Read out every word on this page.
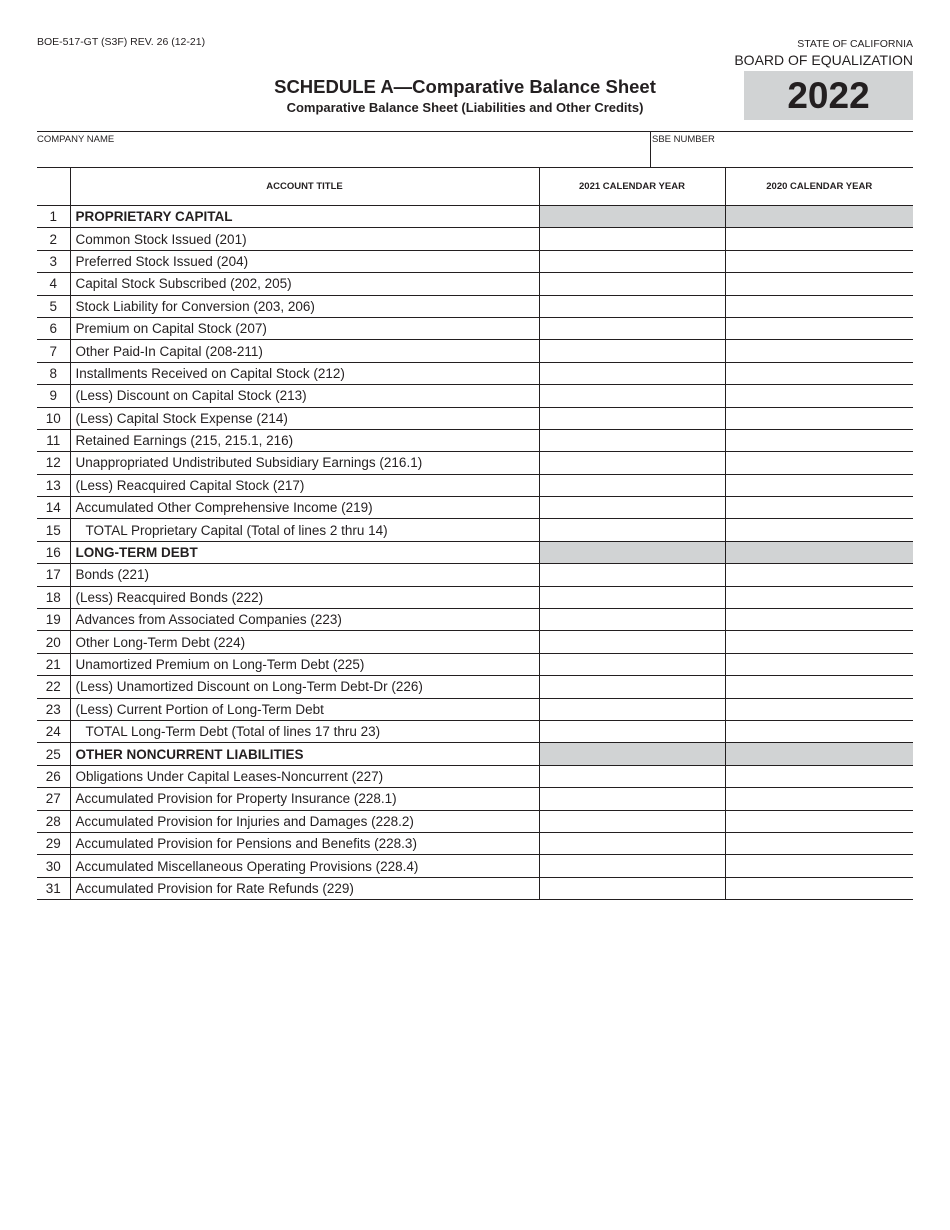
BOE-517-GT (S3F) REV. 26 (12-21)	STATE OF CALIFORNIA
BOARD OF EQUALIZATION
SCHEDULE A—Comparative Balance Sheet
Comparative Balance Sheet (Liabilities and Other Credits)	2022
COMPANY NAME	SBE NUMBER
	ACCOUNT TITLE	2021 CALENDAR YEAR	2020 CALENDAR YEAR
1	PROPRIETARY CAPITAL		
2	Common Stock Issued (201)		
3	Preferred Stock Issued (204)		
4	Capital Stock Subscribed (202, 205)		
5	Stock Liability for Conversion (203, 206)		
6	Premium on Capital Stock (207)		
7	Other Paid-In Capital (208-211)		
8	Installments Received on Capital Stock (212)		
9	(Less) Discount on Capital Stock (213)		
10	(Less) Capital Stock Expense (214)		
11	Retained Earnings (215, 215.1, 216)		
12	Unappropriated Undistributed Subsidiary Earnings (216.1)		
13	(Less) Reacquired Capital Stock (217)		
14	Accumulated Other Comprehensive Income (219)		
15	TOTAL Proprietary Capital (Total of lines 2 thru 14)		
16	LONG-TERM DEBT		
17	Bonds (221)		
18	(Less) Reacquired Bonds (222)		
19	Advances from Associated Companies (223)		
20	Other Long-Term Debt (224)		
21	Unamortized Premium on Long-Term Debt (225)		
22	(Less) Unamortized Discount on Long-Term Debt-Dr (226)		
23	(Less) Current Portion of Long-Term Debt		
24	TOTAL Long-Term Debt (Total of lines 17 thru 23)		
25	OTHER NONCURRENT LIABILITIES		
26	Obligations Under Capital Leases-Noncurrent (227)		
27	Accumulated Provision for Property Insurance (228.1)		
28	Accumulated Provision for Injuries and Damages (228.2)		
29	Accumulated Provision for Pensions and Benefits (228.3)		
30	Accumulated Miscellaneous Operating Provisions (228.4)		
31	Accumulated Provision for Rate Refunds (229)		
